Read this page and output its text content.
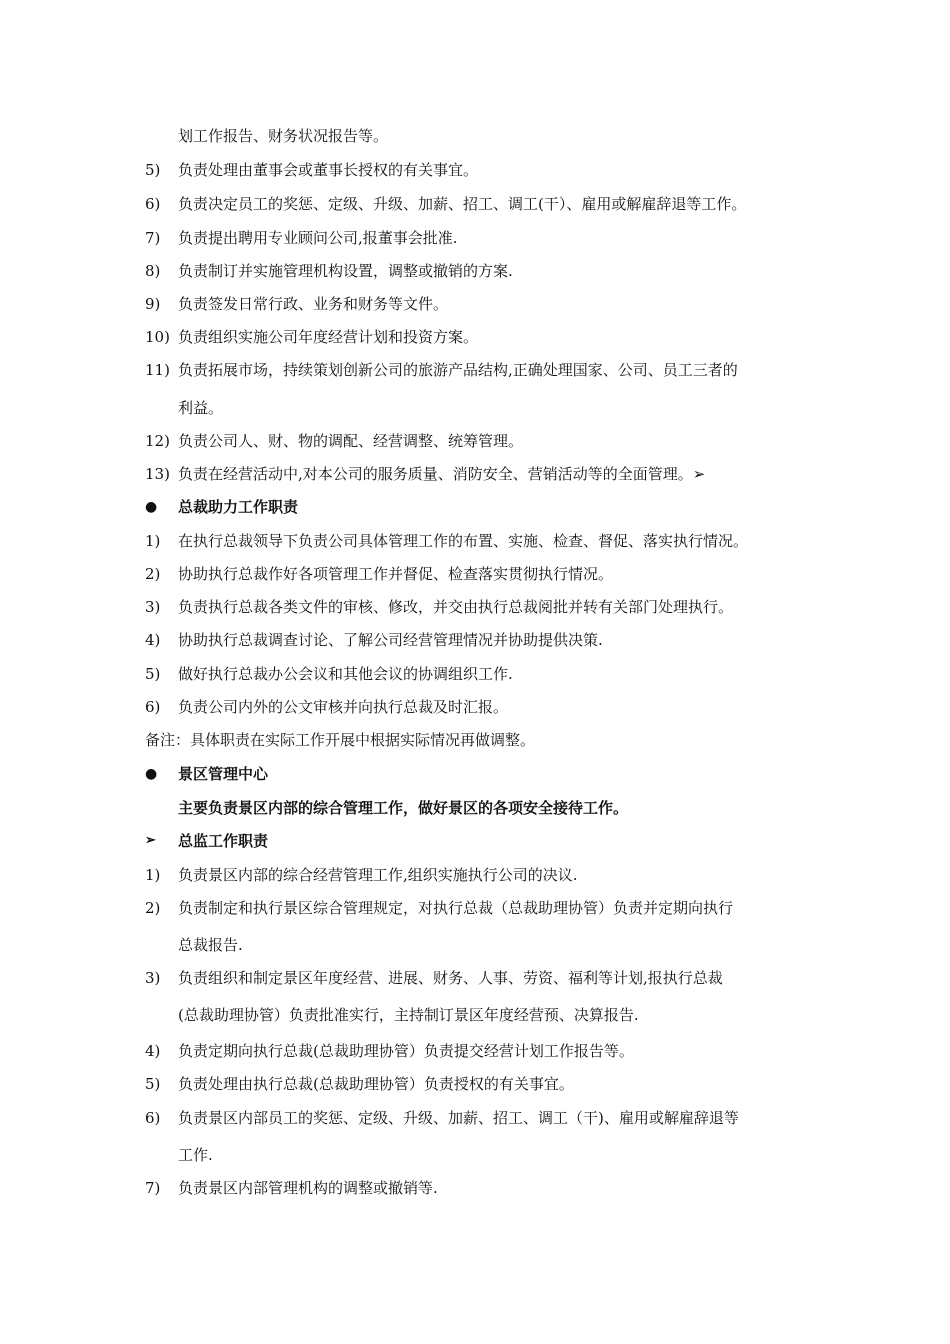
划工作报告、财务状况报告等。
5)	负责处理由董事会或董事长授权的有关事宜。
6)	负责决定员工的奖惩、定级、升级、加薪、招工、调工(干）、雇用或解雇辞退等工作。
7)	负责提出聘用专业顾问公司,报董事会批准.
8)	负责制订并实施管理机构设置，调整或撤销的方案.
9)	负责签发日常行政、业务和财务等文件。
10) 负责组织实施公司年度经营计划和投资方案。
11) 负责拓展市场，持续策划创新公司的旅游产品结构,正确处理国家、公司、员工三者的
利益。
12) 负责公司人、财、物的调配、经营调整、统筹管理。
13) 负责在经营活动中,对本公司的服务质量、消防安全、营销活动等的全面管理。➢
●	总裁助力工作职责
1)	在执行总裁领导下负责公司具体管理工作的布置、实施、检查、督促、落实执行情况。
2)	协助执行总裁作好各项管理工作并督促、检查落实贯彻执行情况。
3)	负责执行总裁各类文件的审核、修改，并交由执行总裁阅批并转有关部门处理执行。
4)	协助执行总裁调查讨论、了解公司经营管理情况并协助提供决策.
5)	做好执行总裁办公会议和其他会议的协调组织工作.
6)	负责公司内外的公文审核并向执行总裁及时汇报。
备注：具体职责在实际工作开展中根据实际情况再做调整。
●	景区管理中心
主要负责景区内部的综合管理工作，做好景区的各项安全接待工作。
➢	总监工作职责
1)	负责景区内部的综合经营管理工作,组织实施执行公司的决议.
2)	负责制定和执行景区综合管理规定，对执行总裁（总裁助理协管）负责并定期向执行
总裁报告.
3)	负责组织和制定景区年度经营、进展、财务、人事、劳资、福利等计划,报执行总裁
(总裁助理协管）负责批准实行，主持制订景区年度经营预、决算报告.
4)	负责定期向执行总裁(总裁助理协管）负责提交经营计划工作报告等。
5)	负责处理由执行总裁(总裁助理协管）负责授权的有关事宜。
6)	负责景区内部员工的奖惩、定级、升级、加薪、招工、调工（干)、雇用或解雇辞退等
工作.
7)	负责景区内部管理机构的调整或撤销等.
